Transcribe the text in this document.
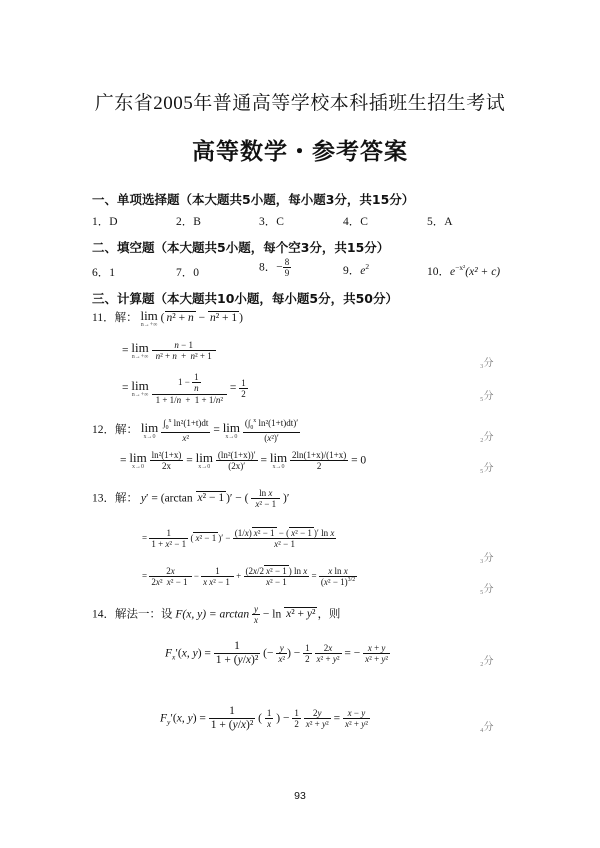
广东省2005年普通高等学校本科插班生招生考试
高等数学・参考答案
一、单项选择题（本大题共5小题，每小题3分，共15分）
1．D	2．B	3．C	4．C	5．A
二、填空题（本大题共5小题，每个空3分，共15分）
6．1	7．0	8．− $\frac{8}{9}$	9．$e^2$	10．$e^{-x^2}(x^2 + c)$
三、计算题（本大题共10小题，每小题5分，共50分）
11．解： lim
n→+∞
( n² + n − n² + 1 )
= lim
n→+∞
$\frac{n - 1}{\text{n² + n + n² + 1}}$
= lim
n→+∞
$\frac{1 - \frac{1}{n}}{\text{1 + 1/n + 1 + 1/n²}} = \frac{1}{2}$
₃分
₅分
12．解： lim
x→0
$\frac{\int_0^x \ln^2(1+t)dt}{\text{x²}} = \lim$
x→0
$\frac{(\int_0^x \ln^2(1+t)dt)'}{\text{(x²)′}}$
= lim
x→0
$\frac{\text{ln²(1+x)}}{2x} = \lim$
x→0
$\frac{\text{(ln²(1+x))′}}{(2x)'} = \lim$
x→0
$\frac{2\ln(1+x)/(1+x)}{2} = 0$
₂分
₅分
13．解： y′ = (arctan x² − 1 )′ − ( $\frac{\text{ln x}}{\text{x² − 1}}$ )′
= $\frac{1}{\text{1 + x² − 1}}$ ( x² − 1 )′ − $\frac{\text{(1/x) x² − 1 − ( x² − 1 )′ ln x}}{\text{x² − 1}}$
= $\frac{2x}{\text{2x² x² − 1}} - \frac{1}{\text{x x² − 1}} + \frac{\text{(2x/2 x² − 1 ) ln x}}{\text{x² − 1}} = \frac{\text{x ln x}}{(x^2 - 1)^{3/2}}$
₃分
₅分
14．解法一：设 F(x, $y) = \arctan \frac{y}{x} - \ln x^2 + y^2$ ，则
$F_x'(x$, $y) = \frac{1}{\text{1 + (y/x)²}}$ (− $\frac{y}{\text{x²}}$ ) − $\frac{1}{2}$
$\frac{2x}{\text{x² + y²}}$ = − $\frac{x + y}{\text{x² + y²}}$
$F_y'(x$, $y) = \frac{1}{\text{1 + (y/x)²}}$ ( $\frac{1}{x}$ ) − $\frac{1}{2}$
$\frac{2y}{\text{x² + y²}} = \frac{x - y}{\text{x² + y²}}$
₂分
₄分
93
